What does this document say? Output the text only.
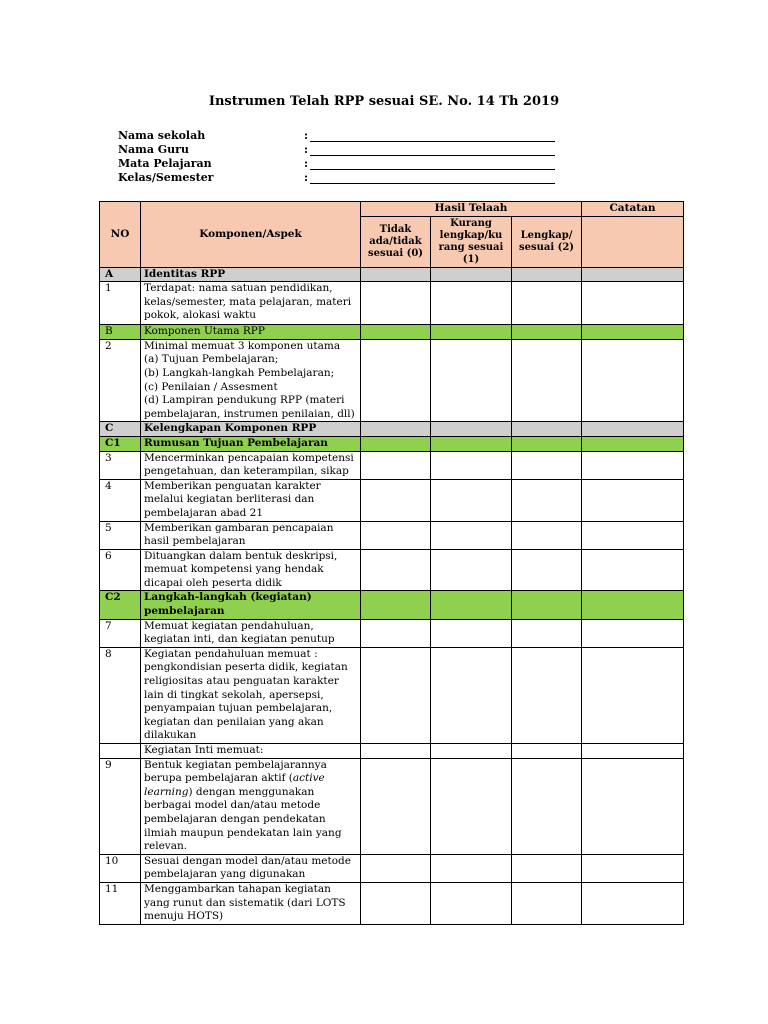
Instrumen Telah RPP sesuai SE. No. 14 Th 2019
Nama sekolah	:
Nama Guru	:
Mata Pelajaran	:
Kelas/Semester	:
NO	Komponen/Aspek	Hasil Telaah			Catatan
		Tidak ada/tidak sesuai (0)	Kurang lengkap/ku rang sesuai (1)	Lengkap/ sesuai (2)	
A	Identitas RPP				
1	Terdapat: nama satuan pendidikan, kelas/semester, mata pelajaran, materi pokok, alokasi waktu				
B	Komponen Utama RPP				
2	Minimal memuat 3 komponen utama
(a) Tujuan Pembelajaran;
(b) Langkah-langkah Pembelajaran;
(c) Penilaian / Assesment
(d) Lampiran pendukung RPP (materi pembelajaran, instrumen penilaian, dll)				

C	Kelengkapan Komponen RPP				
C1	Rumusan Tujuan Pembelajaran				
3	Mencerminkan pencapaian kompetensi pengetahuan, dan keterampilan, sikap				
4	Memberikan penguatan karakter melalui kegiatan berliterasi dan pembelajaran abad 21				
5	Memberikan gambaran pencapaian hasil pembelajaran				
6	Dituangkan dalam bentuk deskripsi, memuat kompetensi yang hendak dicapai oleh peserta didik				
C2	Langkah-langkah (kegiatan) pembelajaran				
7	Memuat kegiatan pendahuluan, kegiatan inti, dan kegiatan penutup				
8	Kegiatan pendahuluan memuat : pengkondisian peserta didik, kegiatan religiositas atau penguatan karakter lain di tingkat sekolah, apersepsi, penyampaian tujuan pembelajaran, kegiatan dan penilaian yang akan dilakukan				
	Kegiatan Inti memuat:				
9	Bentuk kegiatan pembelajarannya berupa pembelajaran aktif (active learning) dengan menggunakan berbagai model dan/atau metode pembelajaran dengan pendekatan ilmiah maupun pendekatan lain yang relevan.				
10	Sesuai dengan model dan/atau metode pembelajaran yang digunakan				
11	Menggambarkan tahapan kegiatan yang runut dan sistematik (dari LOTS menuju HOTS)				
